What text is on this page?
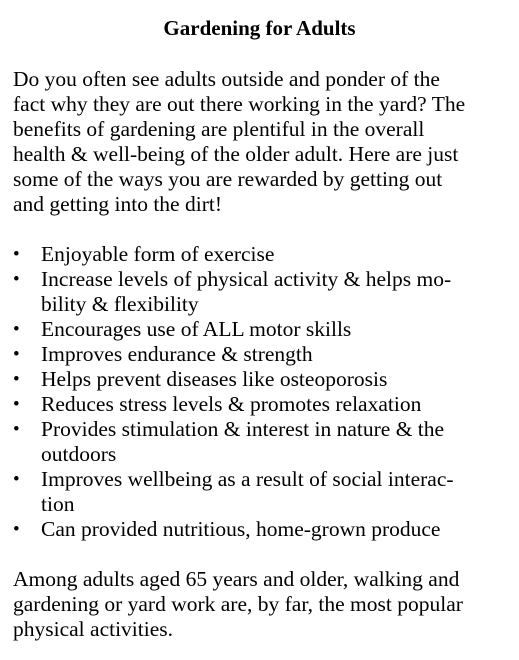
Gardening for Adults

Do you often see adults outside and ponder of the
fact why they are out there working in the yard? The
benefits of gardening are plentiful in the overall
health & well-being of the older adult. Here are just
some of the ways you are rewarded by getting out
and getting into the dirt!

• Enjoyable form of exercise
• Increase levels of physical activity & helps mo-
bility & flexibility
• Encourages use of ALL motor skills
• Improves endurance & strength
• Helps prevent diseases like osteoporosis
• Reduces stress levels & promotes relaxation
• Provides stimulation & interest in nature & the
outdoors
• Improves wellbeing as a result of social interac-
tion
• Can provided nutritious, home-grown produce

Among adults aged 65 years and older, walking and
gardening or yard work are, by far, the most popular
physical activities.
